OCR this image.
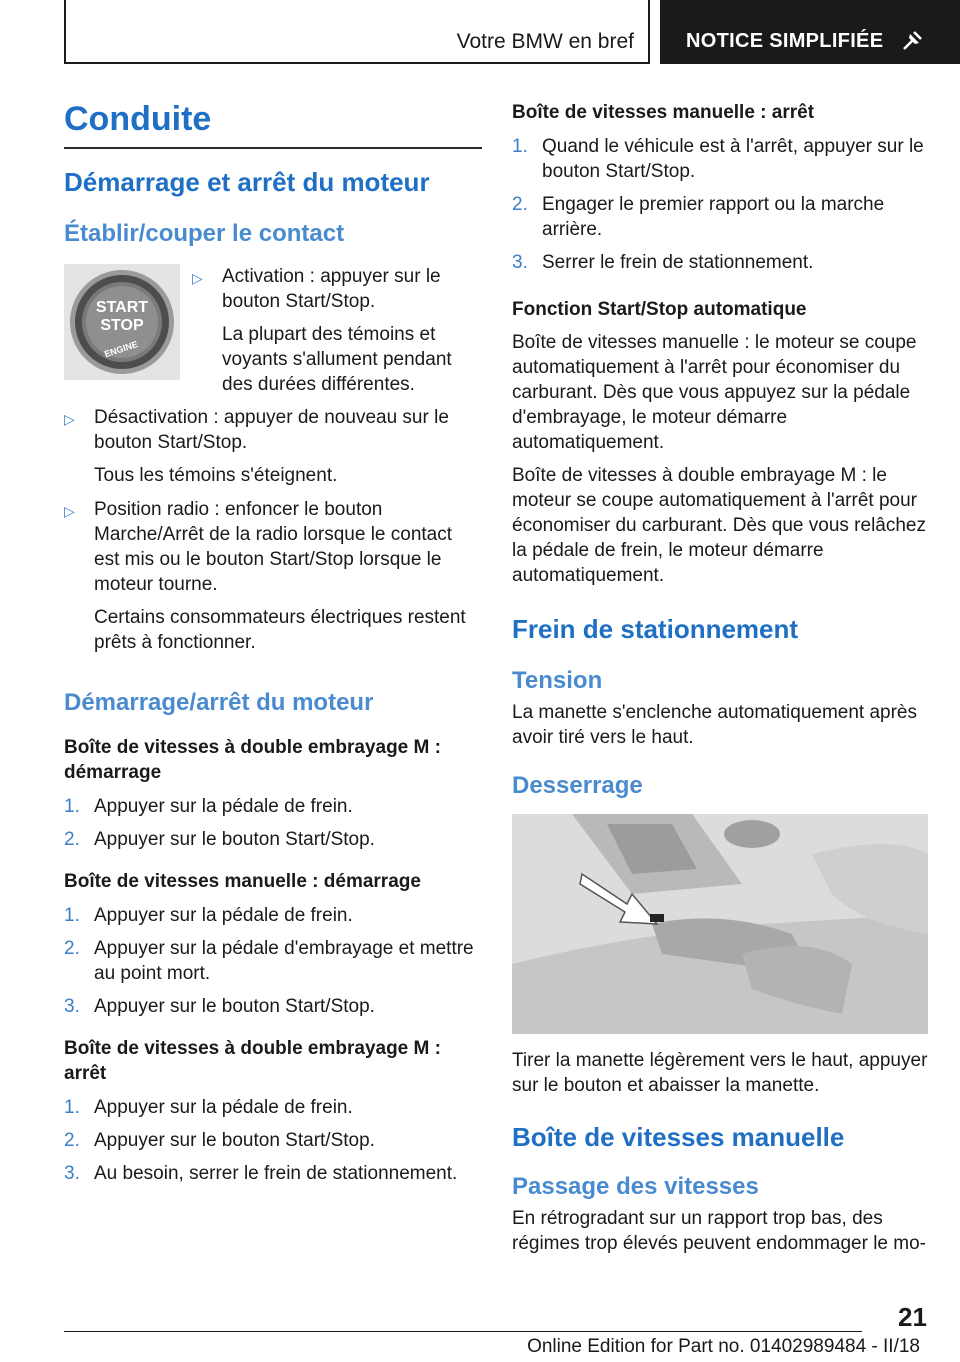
Votre BMW en bref	NOTICE SIMPLIFIÉE
Conduite
Démarrage et arrêt du moteur
Établir/couper le contact
START
STOP
ENGINE
▷	Activation : appuyer sur le bouton Start/Stop.

La plupart des témoins et voyants s'allument pendant des durées différentes.

▷	Désactivation : appuyer de nouveau sur le bouton Start/Stop.

Tous les témoins s'éteignent.

▷	Position radio : enfoncer le bouton Marche/Arrêt de la radio lorsque le contact est mis ou le bouton Start/Stop lorsque le moteur tourne.

Certains consommateurs électriques restent prêts à fonctionner.

Démarrage/arrêt du moteur
Boîte de vitesses à double embrayage M : démarrage
1. Appuyer sur la pédale de frein.
2. Appuyer sur le bouton Start/Stop.
Boîte de vitesses manuelle : démarrage
1. Appuyer sur la pédale de frein.
2. Appuyer sur la pédale d'embrayage et mettre au point mort.
3. Appuyer sur le bouton Start/Stop.
Boîte de vitesses à double embrayage M : arrêt
1. Appuyer sur la pédale de frein.
2. Appuyer sur le bouton Start/Stop.
3. Au besoin, serrer le frein de stationnement.
Boîte de vitesses manuelle : arrêt
1. Quand le véhicule est à l'arrêt, appuyer sur le bouton Start/Stop.
2. Engager le premier rapport ou la marche arrière.
3. Serrer le frein de stationnement.
Fonction Start/Stop automatique

Boîte de vitesses manuelle : le moteur se coupe automatiquement à l'arrêt pour économiser du carburant. Dès que vous appuyez sur la pédale d'embrayage, le moteur démarre automatiquement.

Boîte de vitesses à double embrayage M : le moteur se coupe automatiquement à l'arrêt pour économiser du carburant. Dès que vous relâchez la pédale de frein, le moteur démarre automatiquement.

Frein de stationnement
Tension

La manette s'enclenche automatiquement après avoir tiré vers le haut.

Desserrage

Tirer la manette légèrement vers le haut, appuyer sur le bouton et abaisser la manette.

Boîte de vitesses manuelle
Passage des vitesses

En rétrogradant sur un rapport trop bas, des régimes trop élevés peuvent endommager le mo-

21
Online Edition for Part no. 01402989484 - II/18
